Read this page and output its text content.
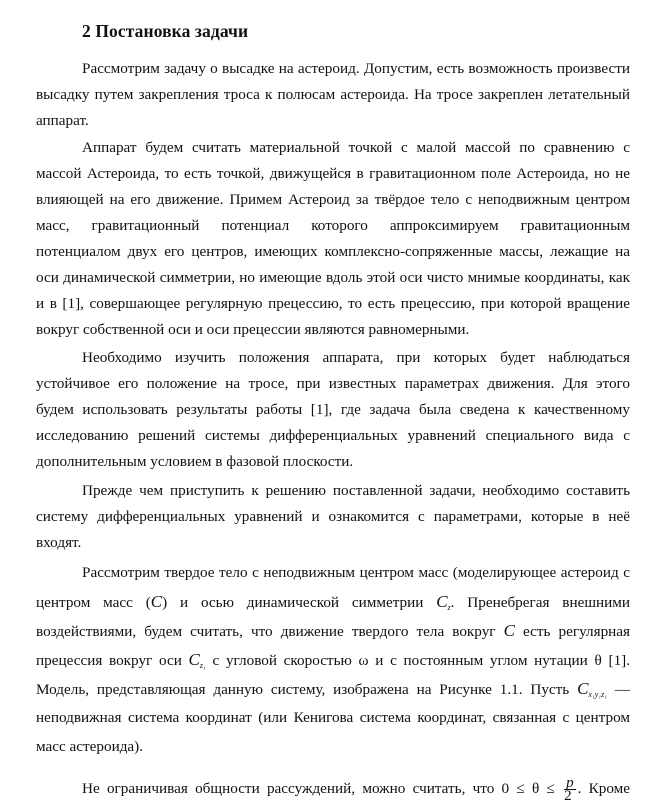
2 Постановка задачи
Рассмотрим задачу о высадке на астероид. Допустим, есть возможность произвести
высадку путем закрепления троса к полюсам астероида. На тросе закреплен летательный
аппарат.
Аппарат будем считать материальной точкой с малой массой по сравнению с
массой Астероида, то есть точкой, движущейся в гравитационном поле Астероида, но не
влияющей на его движение. Примем Астероид за твёрдое тело с неподвижным центром
масс, гравитационный потенциал которого аппроксимируем гравитационным
потенциалом двух его центров, имеющих комплексно-сопряженные массы, лежащие на
оси динамической симметрии, но имеющие вдоль этой оси чисто мнимые координаты, как
и в [1], совершающее регулярную прецессию, то есть прецессию, при которой вращение
вокруг собственной оси и оси прецессии являются равномерными.
Необходимо изучить положения аппарата, при которых будет наблюдаться
устойчивое его положение на тросе, при известных параметрах движения. Для этого
будем использовать результаты работы [1], где задача была сведена к качественному
исследованию решений системы дифференциальных уравнений специального вида с
дополнительным условием в фазовой плоскости.
Прежде чем приступить к решению поставленной задачи, необходимо составить
систему дифференциальных уравнений и ознакомится с параметрами, которые в неё
входят.
Рассмотрим твердое тело с неподвижным центром масс (моделирующее астероид с
центром масс (C) и осью динамической симметрии $C_z$. Пренебрегая внешними
воздействиями, будем считать, что движение твердого тела вокруг C есть регулярная
прецессия вокруг оси $C_{z_1}$ с угловой скоростью ω и с постоянным углом нутации θ [1].
Модель, представляющая данную систему, изображена на Рисунке 1.1. Пусть $C_{x_1y_1z_1}$ —
неподвижная система координат (или Кенигова система координат, связанная с центром
масс астероида).
Не ограничивая общности рассуждений, можно считать, что $0 \le \theta \le \frac{p}{2}$ . Кроме
